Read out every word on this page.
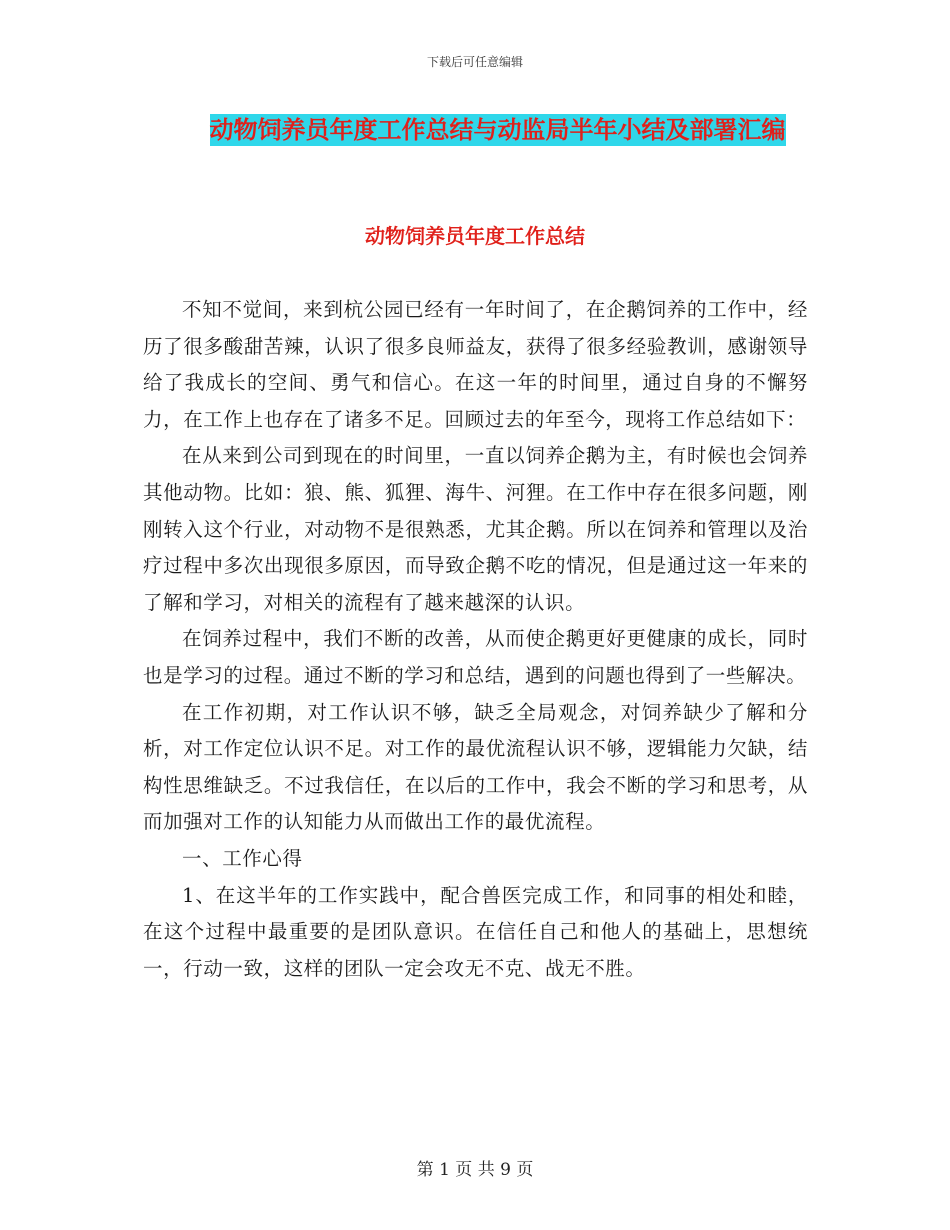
下载后可任意编辑
动物饲养员年度工作总结与动监局半年小结及部署汇编
动物饲养员年度工作总结

不知不觉间，来到杭公园已经有一年时间了，在企鹅饲养的工作中，经历了很多酸甜苦辣，认识了很多良师益友，获得了很多经验教训，感谢领导给了我成长的空间、勇气和信心。在这一年的时间里，通过自身的不懈努力，在工作上也存在了诸多不足。回顾过去的年至今，现将工作总结如下：

在从来到公司到现在的时间里，一直以饲养企鹅为主，有时候也会饲养其他动物。比如：狼、熊、狐狸、海牛、河狸。在工作中存在很多问题，刚刚转入这个行业，对动物不是很熟悉，尤其企鹅。所以在饲养和管理以及治疗过程中多次出现很多原因，而导致企鹅不吃的情况，但是通过这一年来的了解和学习，对相关的流程有了越来越深的认识。

在饲养过程中，我们不断的改善，从而使企鹅更好更健康的成长，同时也是学习的过程。通过不断的学习和总结，遇到的问题也得到了一些解决。

在工作初期，对工作认识不够，缺乏全局观念，对饲养缺少了解和分析，对工作定位认识不足。对工作的最优流程认识不够，逻辑能力欠缺，结构性思维缺乏。不过我信任，在以后的工作中，我会不断的学习和思考，从而加强对工作的认知能力从而做出工作的最优流程。

一、工作心得

1、在这半年的工作实践中，配合兽医完成工作，和同事的相处和睦，在这个过程中最重要的是团队意识。在信任自己和他人的基础上，思想统一，行动一致，这样的团队一定会攻无不克、战无不胜。

第 1 页 共 9 页
